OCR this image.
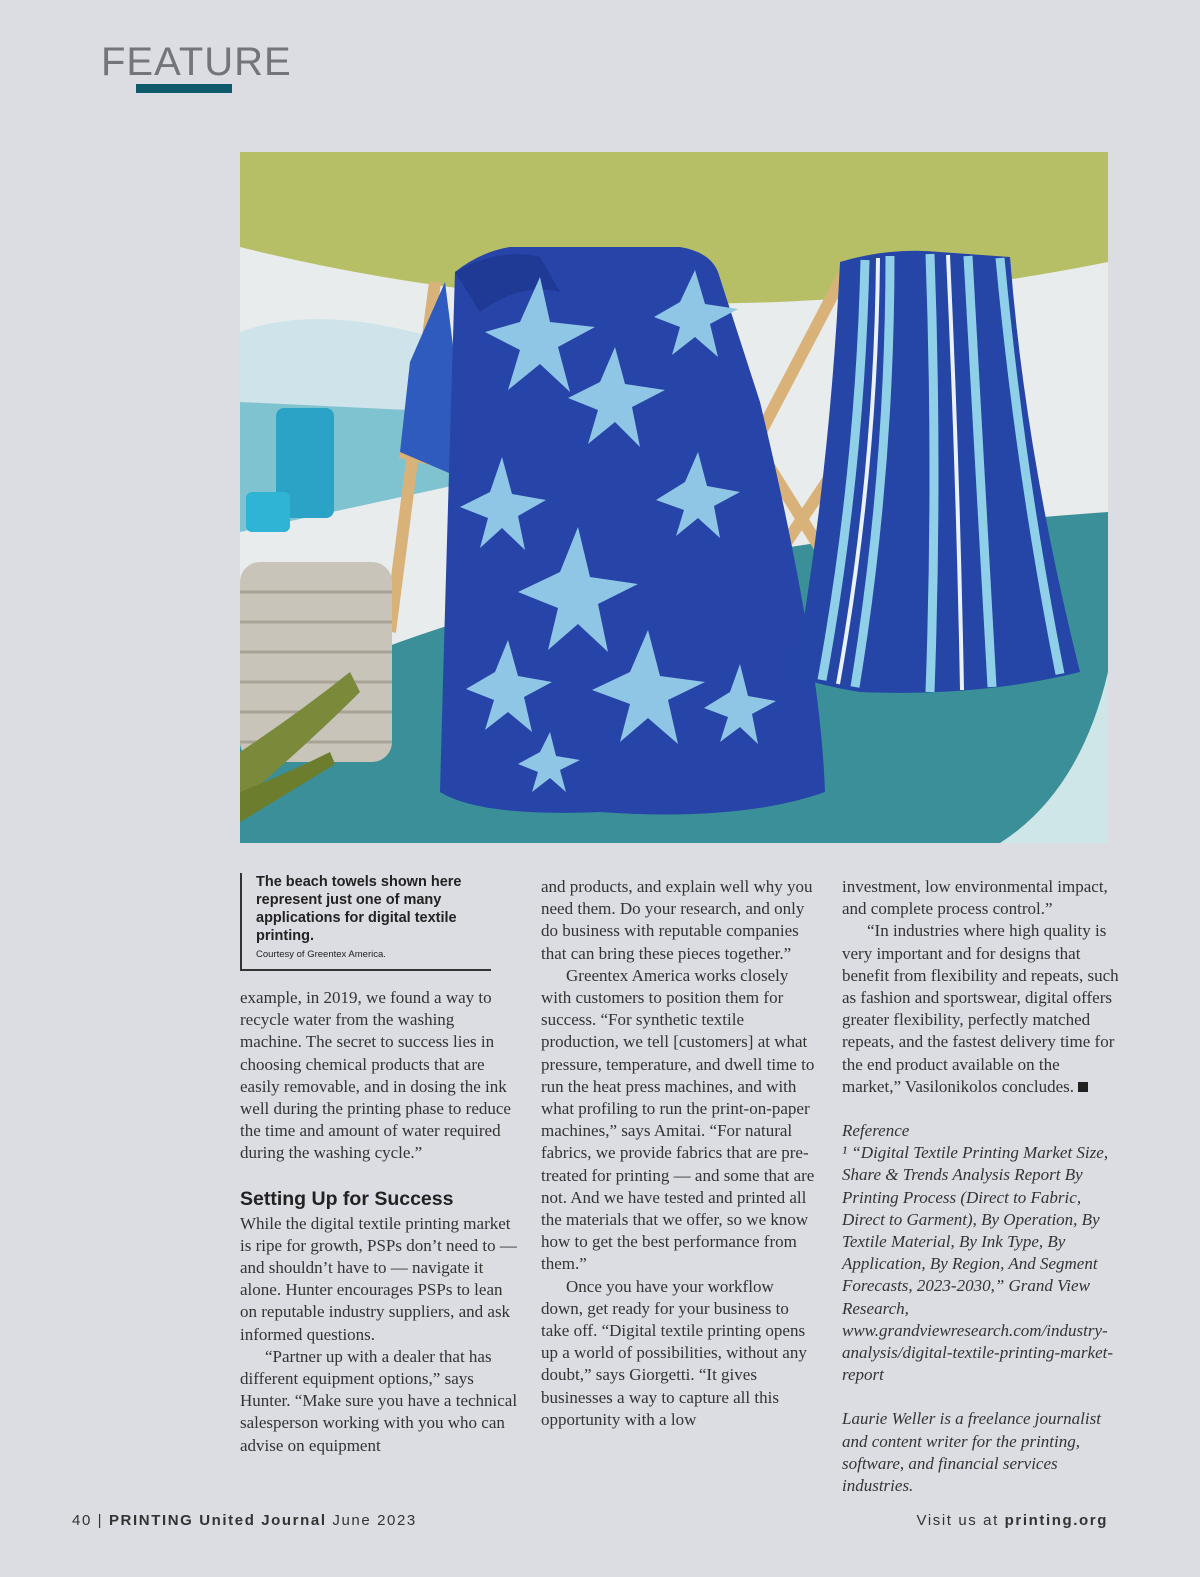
FEATURE

The beach towels shown here represent just one of many applications for digital textile printing.

Courtesy of Greentex America.

example, in 2019, we found a way to recycle water from the washing machine. The secret to success lies in choosing chemical products that are easily removable, and in dosing the ink well during the printing phase to reduce the time and amount of water required during the washing cycle.”

Setting Up for Success

While the digital textile printing market is ripe for growth, PSPs don’t need to — and shouldn’t have to — navigate it alone. Hunter encourages PSPs to lean on reputable industry suppliers, and ask informed questions.

“Partner up with a dealer that has different equipment options,” says Hunter. “Make sure you have a technical salesperson working with you who can advise on equipment

and products, and explain well why you need them. Do your research, and only do business with reputable companies that can bring these pieces together.”

Greentex America works closely with customers to position them for success. “For synthetic textile production, we tell [customers] at what pressure, temperature, and dwell time to run the heat press machines, and with what profiling to run the print-on-paper machines,” says Amitai. “For natural fabrics, we provide fabrics that are pre-treated for printing — and some that are not. And we have tested and printed all the materials that we offer, so we know how to get the best performance from them.”

Once you have your workflow down, get ready for your business to take off. “Digital textile printing opens up a world of possibilities, without any doubt,” says Giorgetti. “It gives businesses a way to capture all this opportunity with a low

investment, low environmental impact, and complete process control.”

“In industries where high quality is very important and for designs that benefit from flexibility and repeats, such as fashion and sportswear, digital offers greater flexibility, perfectly matched repeats, and the fastest delivery time for the end product available on the market,” Vasilonikolos concludes.

Reference

¹ “Digital Textile Printing Market Size, Share & Trends Analysis Report By Printing Process (Direct to Fabric, Direct to Garment), By Operation, By Textile Material, By Ink Type, By Application, By Region, And Segment Forecasts, 2023-2030,” Grand View Research, www.grandviewresearch.com/industry-analysis/digital-textile-printing-market-report

Laurie Weller is a freelance journalist and content writer for the printing, software, and financial services industries.

40 | PRINTING United Journal June 2023	Visit us at printing.org
